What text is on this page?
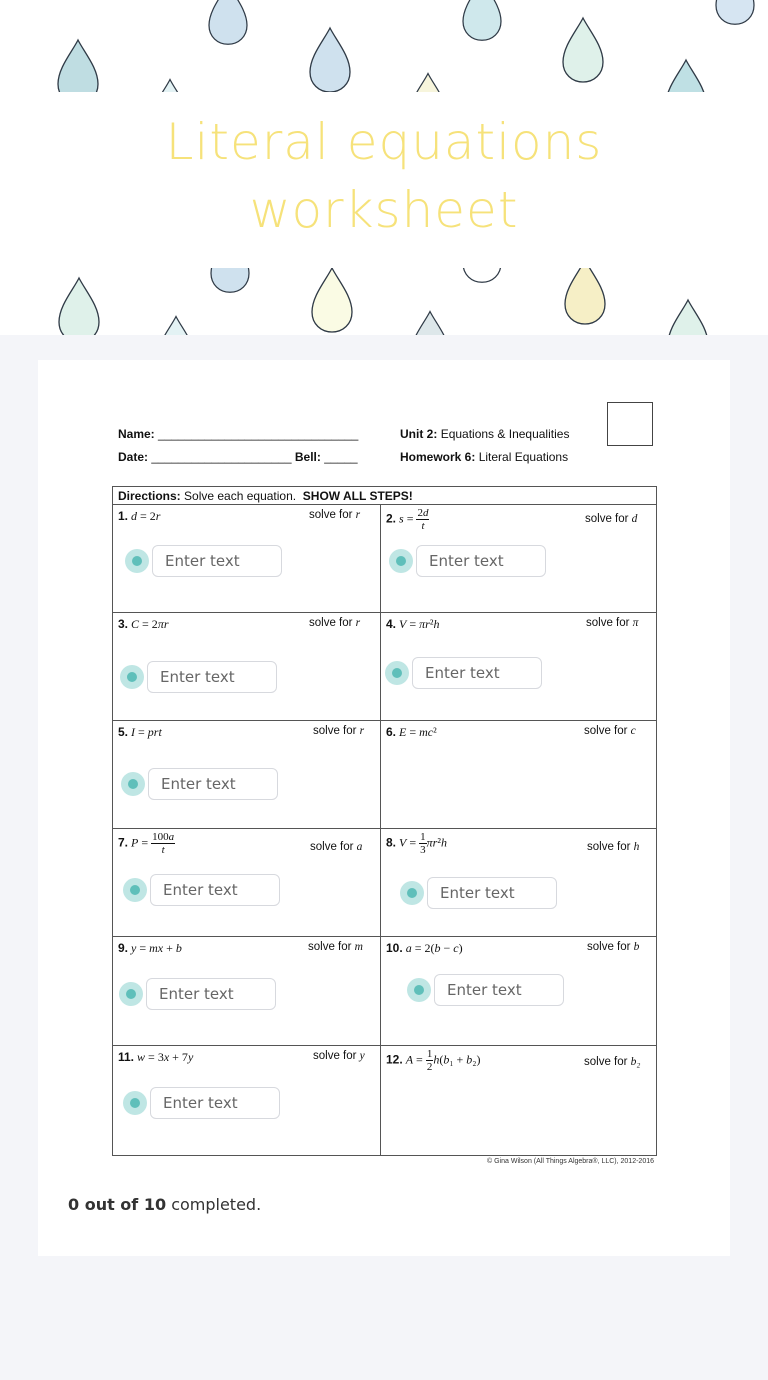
Literal equations
worksheet
Name: ______________________________
Date: _____________________ Bell: _____
Unit 2: Equations & Inequalities
Homework 6: Literal Equations
Directions: Solve each equation. SHOW ALL STEPS!
1. d = 2r	solve for r 2. $s = \frac{2d}{t}$	solve for d
3. C = 2πr	solve for r 4. V = πr²h	solve for π
5. I = prt	solve for r 6. E = mc²	solve for c
7. $P = \frac{100a}{t}$	solve for a 8. $V = \frac{1}{3} \pi r^2h$	solve for h
9. y = mx + b	solve for m 10. a = 2(b − c)	solve for b
11. w = 3x + 7y	solve for y 12. $A = \frac{1}{2} h(b_1 + b_2)$	solve for b₂
© Gina Wilson (All Things Algebra®, LLC), 2012-2016
Enter text
Enter text
Enter text
Enter text
Enter text
Enter text
Enter text
Enter text
Enter text
Enter text
0 out of 10 completed.
